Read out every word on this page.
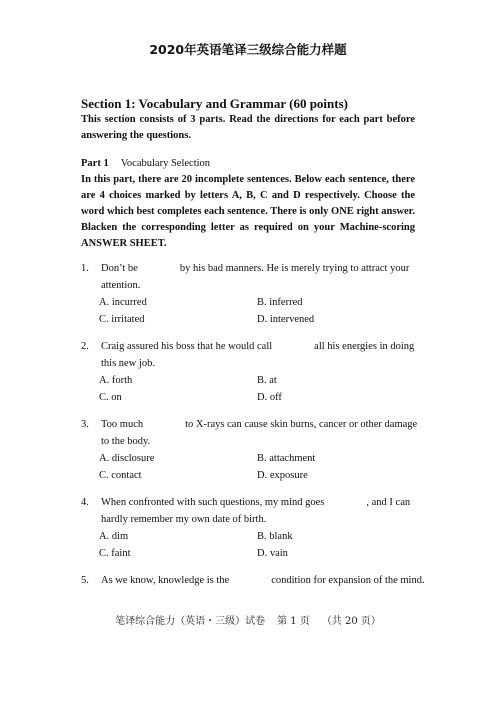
2020年英语笔译三级综合能力样题
Section 1: Vocabulary and Grammar (60 points)
This section consists of 3 parts. Read the directions for each part before answering the questions.
Part 1 Vocabulary Selection
In this part, there are 20 incomplete sentences. Below each sentence, there are 4 choices marked by letters A, B, C and D respectively. Choose the word which best completes each sentence. There is only ONE right answer. Blacken the corresponding letter as required on your Machine-scoring ANSWER SHEET.
1.	Don’t be                by his bad manners. He is merely trying to attract your
attention.
A. incurred	B. inferred
C. irritated	D. intervened
2.	Craig assured his boss that he would call                all his energies in doing
this new job.
A. forth	B. at
C. on	D. off
3.	Too much                to X-rays can cause skin burns, cancer or other damage
to the body.
A. disclosure	B. attachment
C. contact	D. exposure
4.	When confronted with such questions, my mind goes                , and I can
hardly remember my own date of birth.
A. dim	B. blank
C. faint	D. vain
5.	As we know, knowledge is the                condition for expansion of the mind.
笔译综合能力（英语・三级）试卷 第 1 页 （共 20 页）
